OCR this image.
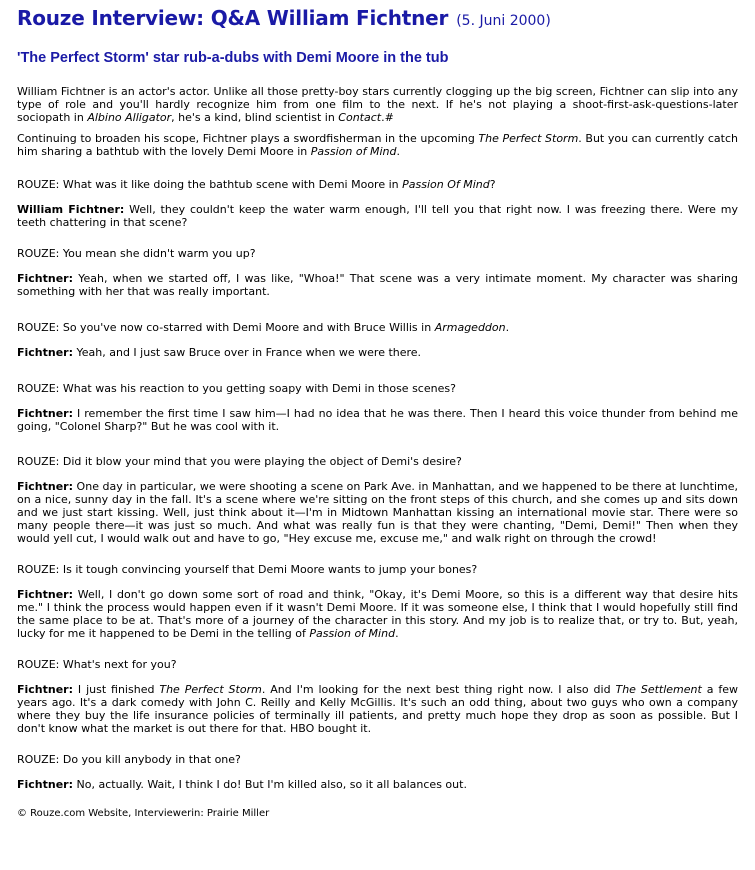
Rouze Interview: Q&A William Fichtner (5. Juni 2000)
'The Perfect Storm' star rub-a-dubs with Demi Moore in the tub

William Fichtner is an actor's actor. Unlike all those pretty-boy stars currently clogging up the big screen, Fichtner can slip into any type of role and you'll hardly recognize him from one film to the next. If he's not playing a shoot-first-ask-questions-later sociopath in Albino Alligator, he's a kind, blind scientist in Contact.#

Continuing to broaden his scope, Fichtner plays a swordfisherman in the upcoming The Perfect Storm. But you can currently catch him sharing a bathtub with the lovely Demi Moore in Passion of Mind.

ROUZE: What was it like doing the bathtub scene with Demi Moore in Passion Of Mind?

William Fichtner: Well, they couldn't keep the water warm enough, I'll tell you that right now. I was freezing there. Were my teeth chattering in that scene?

ROUZE: You mean she didn't warm you up?

Fichtner: Yeah, when we started off, I was like, "Whoa!" That scene was a very intimate moment. My character was sharing something with her that was really important.

ROUZE: So you've now co-starred with Demi Moore and with Bruce Willis in Armageddon.

Fichtner: Yeah, and I just saw Bruce over in France when we were there.

ROUZE: What was his reaction to you getting soapy with Demi in those scenes?

Fichtner: I remember the first time I saw him—I had no idea that he was there. Then I heard this voice thunder from behind me going, "Colonel Sharp?" But he was cool with it.

ROUZE: Did it blow your mind that you were playing the object of Demi's desire?

Fichtner: One day in particular, we were shooting a scene on Park Ave. in Manhattan, and we happened to be there at lunchtime, on a nice, sunny day in the fall. It's a scene where we're sitting on the front steps of this church, and she comes up and sits down and we just start kissing. Well, just think about it—I'm in Midtown Manhattan kissing an international movie star. There were so many people there—it was just so much. And what was really fun is that they were chanting, "Demi, Demi!" Then when they would yell cut, I would walk out and have to go, "Hey excuse me, excuse me," and walk right on through the crowd!

ROUZE: Is it tough convincing yourself that Demi Moore wants to jump your bones?

Fichtner: Well, I don't go down some sort of road and think, "Okay, it's Demi Moore, so this is a different way that desire hits me." I think the process would happen even if it wasn't Demi Moore. If it was someone else, I think that I would hopefully still find the same place to be at. That's more of a journey of the character in this story. And my job is to realize that, or try to. But, yeah, lucky for me it happened to be Demi in the telling of Passion of Mind.

ROUZE: What's next for you?

Fichtner: I just finished The Perfect Storm. And I'm looking for the next best thing right now. I also did The Settlement a few years ago. It's a dark comedy with John C. Reilly and Kelly McGillis. It's such an odd thing, about two guys who own a company where they buy the life insurance policies of terminally ill patients, and pretty much hope they drop as soon as possible. But I don't know what the market is out there for that. HBO bought it.

ROUZE: Do you kill anybody in that one?

Fichtner: No, actually. Wait, I think I do! But I'm killed also, so it all balances out.

© Rouze.com Website, Interviewerin: Prairie Miller
